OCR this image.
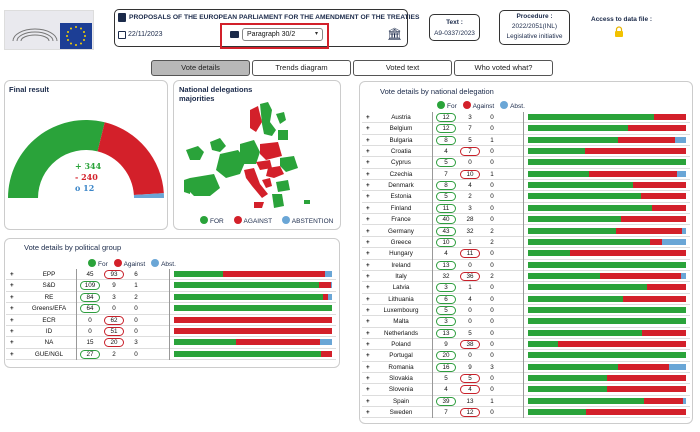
PROPOSALS OF THE EUROPEAN PARLIAMENT FOR THE AMENDMENT OF THE TREATIES
22/11/2023	Paragraph 30/2	▾	🏛
Text :
A9-0337/2023
Procedure :
2022/2051(INL)
Legislative initiative
Access to data file :
Vote details	Trends diagram	Voted text	Who voted what?
Final result
+ 344
- 240
o 12
National delegations majorities
FOR	AGAINST	ABSTENTION
Vote details by political group
For Against Abst.
+	EPP	45	93	6
+	S&D	109	9	1
+	RE	84	3	2
+	Greens/EFA	64	0	0
+	ECR	0	62	0
+	ID	0	51	0
+	NA	15	20	3
+	GUE/NGL	27	2	0
Vote details by national delegation
For Against Abst.
+	Austria	12	3	0
+	Belgium	12	7	0
+	Bulgaria	8	5	1
+	Croatia	4	7	0
+	Cyprus	5	0	0
+	Czechia	7	10	1
+	Denmark	8	4	0
+	Estonia	5	2	0
+	Finland	11	3	0
+	France	40	28	0
+	Germany	43	32	2
+	Greece	10	1	2
+	Hungary	4	11	0
+	Ireland	13	0	0
+	Italy	32	36	2
+	Latvia	3	1	0
+	Lithuania	6	4	0
+	Luxembourg	5	0	0
+	Malta	3	0	0
+	Netherlands	13	5	0
+	Poland	9	38	0
+	Portugal	20	0	0
+	Romania	16	9	3
+	Slovakia	5	5	0
+	Slovenia	4	4	0
+	Spain	39	13	1
+	Sweden	7	12	0
